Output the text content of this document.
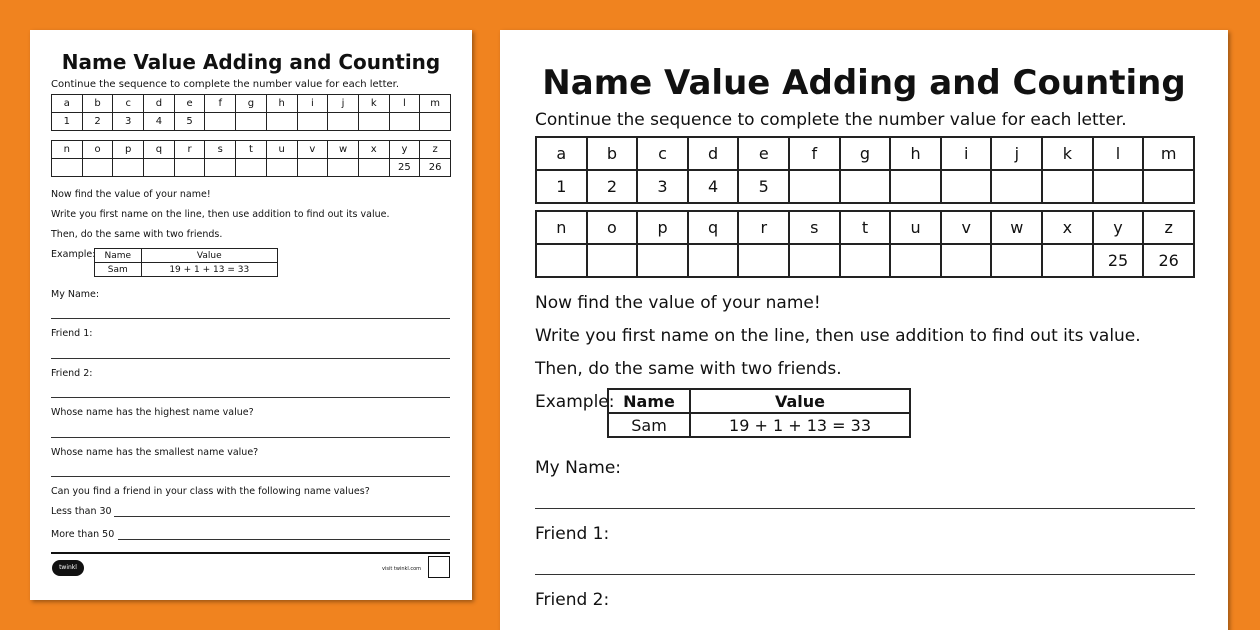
Name Value Adding and Counting
Continue the sequence to complete the number value for each letter.
a	b	c	d	e	f	g	h	i	j	k	l	m
1	2	3	4	5								
n	o	p	q	r	s	t	u	v	w	x	y	z
											25	26
Now find the value of your name!
Write you first name on the line, then use addition to find out its value.
Then, do the same with two friends.
Example: Name	Value
Sam	19 + 1 + 13 = 33
My Name:
Friend 1:
Friend 2:
Whose name has the highest name value?
Whose name has the smallest name value?
Can you find a friend in your class with the following name values?
Less than 30
More than 50
twinkl	visit twinkl.com
Name Value Adding and Counting
Continue the sequence to complete the number value for each letter.
a	b	c	d	e	f	g	h	i	j	k	l	m
1	2	3	4	5								
n	o	p	q	r	s	t	u	v	w	x	y	z
											25	26
Now find the value of your name!
Write you first name on the line, then use addition to find out its value.
Then, do the same with two friends.
Example: Name	Value
Sam	19 + 1 + 13 = 33
My Name:
Friend 1:
Friend 2:
